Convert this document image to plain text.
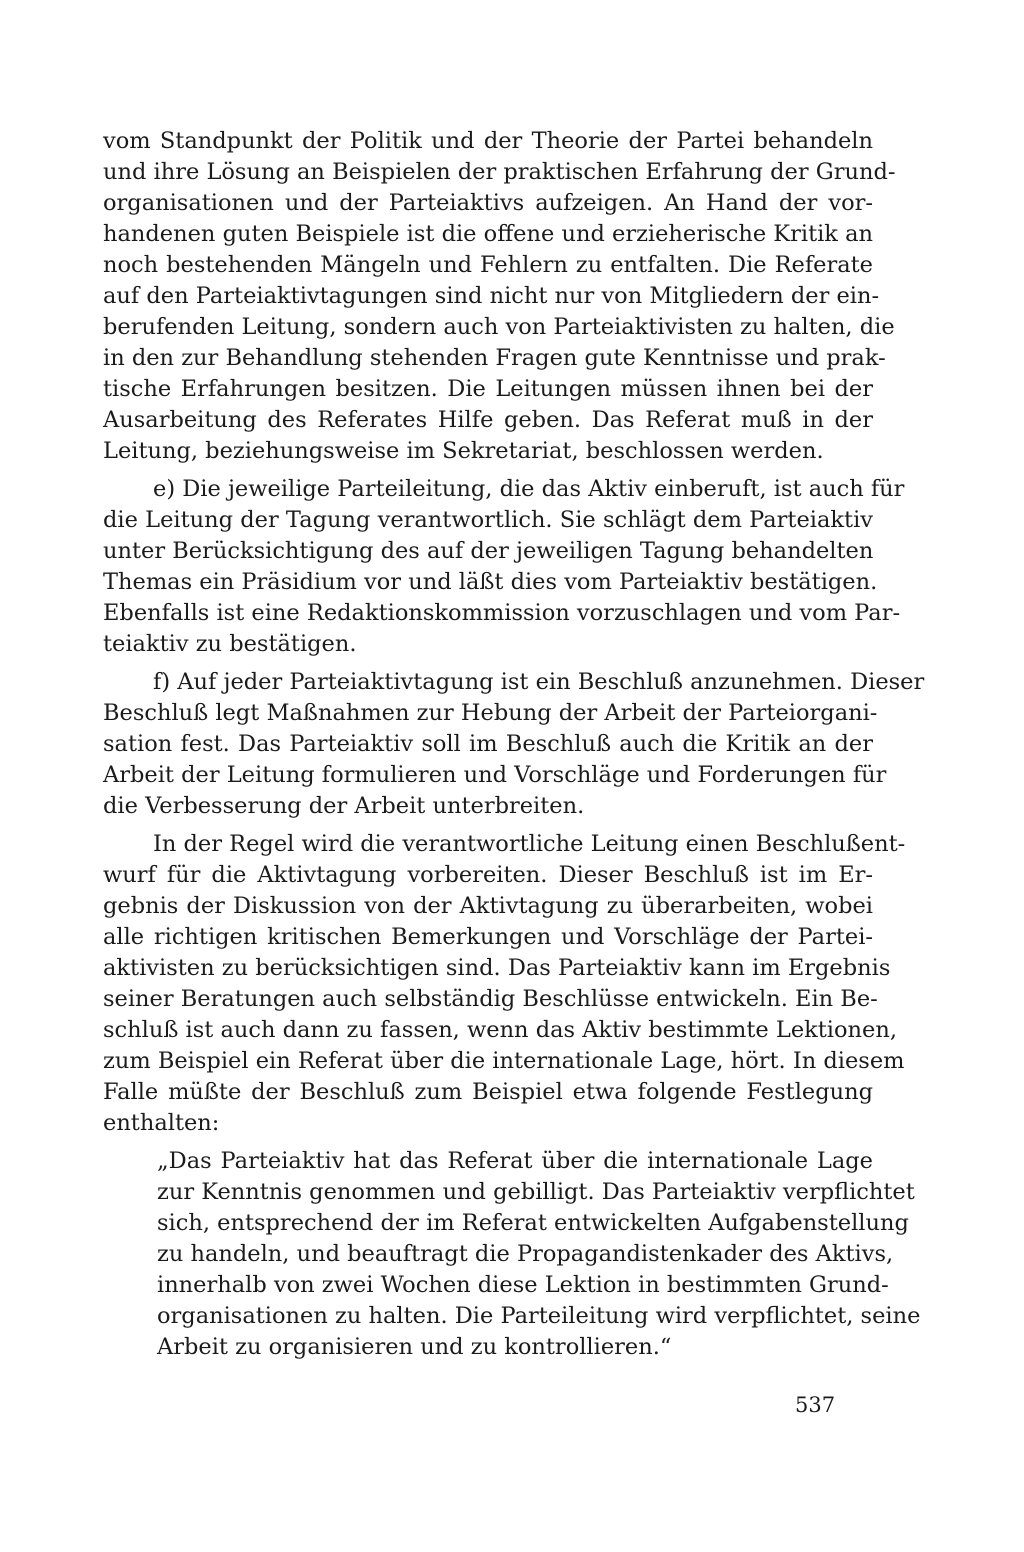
vom Standpunkt der Politik und der Theorie der Partei behandeln
und ihre Lösung an Beispielen der praktischen Erfahrung der Grund-
organisationen und der Parteiaktivs aufzeigen. An Hand der vor-
handenen guten Beispiele ist die offene und erzieherische Kritik an
noch bestehenden Mängeln und Fehlern zu entfalten. Die Referate
auf den Parteiaktivtagungen sind nicht nur von Mitgliedern der ein-
berufenden Leitung, sondern auch von Parteiaktivisten zu halten, die
in den zur Behandlung stehenden Fragen gute Kenntnisse und prak-
tische Erfahrungen besitzen. Die Leitungen müssen ihnen bei der
Ausarbeitung des Referates Hilfe geben. Das Referat muß in der
Leitung, beziehungsweise im Sekretariat, beschlossen werden.
e) Die jeweilige Parteileitung, die das Aktiv einberuft, ist auch für
die Leitung der Tagung verantwortlich. Sie schlägt dem Parteiaktiv
unter Berücksichtigung des auf der jeweiligen Tagung behandelten
Themas ein Präsidium vor und läßt dies vom Parteiaktiv bestätigen.
Ebenfalls ist eine Redaktionskommission vorzuschlagen und vom Par-
teiaktiv zu bestätigen.
f) Auf jeder Parteiaktivtagung ist ein Beschluß anzunehmen. Dieser
Beschluß legt Maßnahmen zur Hebung der Arbeit der Parteiorgani-
sation fest. Das Parteiaktiv soll im Beschluß auch die Kritik an der
Arbeit der Leitung formulieren und Vorschläge und Forderungen für
die Verbesserung der Arbeit unterbreiten.
In der Regel wird die verantwortliche Leitung einen Beschlußent-
wurf für die Aktivtagung vorbereiten. Dieser Beschluß ist im Er-
gebnis der Diskussion von der Aktivtagung zu überarbeiten, wobei
alle richtigen kritischen Bemerkungen und Vorschläge der Partei-
aktivisten zu berücksichtigen sind. Das Parteiaktiv kann im Ergebnis
seiner Beratungen auch selbständig Beschlüsse entwickeln. Ein Be-
schluß ist auch dann zu fassen, wenn das Aktiv bestimmte Lektionen,
zum Beispiel ein Referat über die internationale Lage, hört. In diesem
Falle müßte der Beschluß zum Beispiel etwa folgende Festlegung
enthalten:
„Das Parteiaktiv hat das Referat über die internationale Lage
zur Kenntnis genommen und gebilligt. Das Parteiaktiv verpflichtet
sich, entsprechend der im Referat entwickelten Aufgabenstellung
zu handeln, und beauftragt die Propagandistenkader des Aktivs,
innerhalb von zwei Wochen diese Lektion in bestimmten Grund-
organisationen zu halten. Die Parteileitung wird verpflichtet, seine
Arbeit zu organisieren und zu kontrollieren.“
537
